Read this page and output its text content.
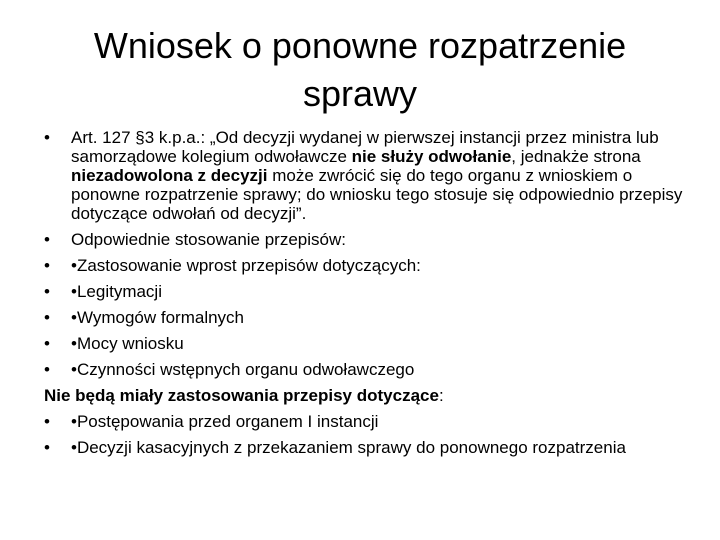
Wniosek o ponowne rozpatrzenie
sprawy
•	Art. 127 §3 k.p.a.: „Od decyzji wydanej w pierwszej instancji przez ministra lub samorządowe kolegium odwoławcze nie służy odwołanie, jednakże strona niezadowolona z decyzji może zwrócić się do tego organu z wnioskiem o ponowne rozpatrzenie sprawy; do wniosku tego stosuje się odpowiednio przepisy dotyczące odwołań od decyzji”.
•	Odpowiednie stosowanie przepisów:
•	•Zastosowanie wprost przepisów dotyczących:
•	•Legitymacji
•	•Wymogów formalnych
•	•Mocy wniosku
•	•Czynności wstępnych organu odwoławczego
Nie będą miały zastosowania przepisy dotyczące:
•	•Postępowania przed organem I instancji
•	•Decyzji kasacyjnych z przekazaniem sprawy do ponownego rozpatrzenia
